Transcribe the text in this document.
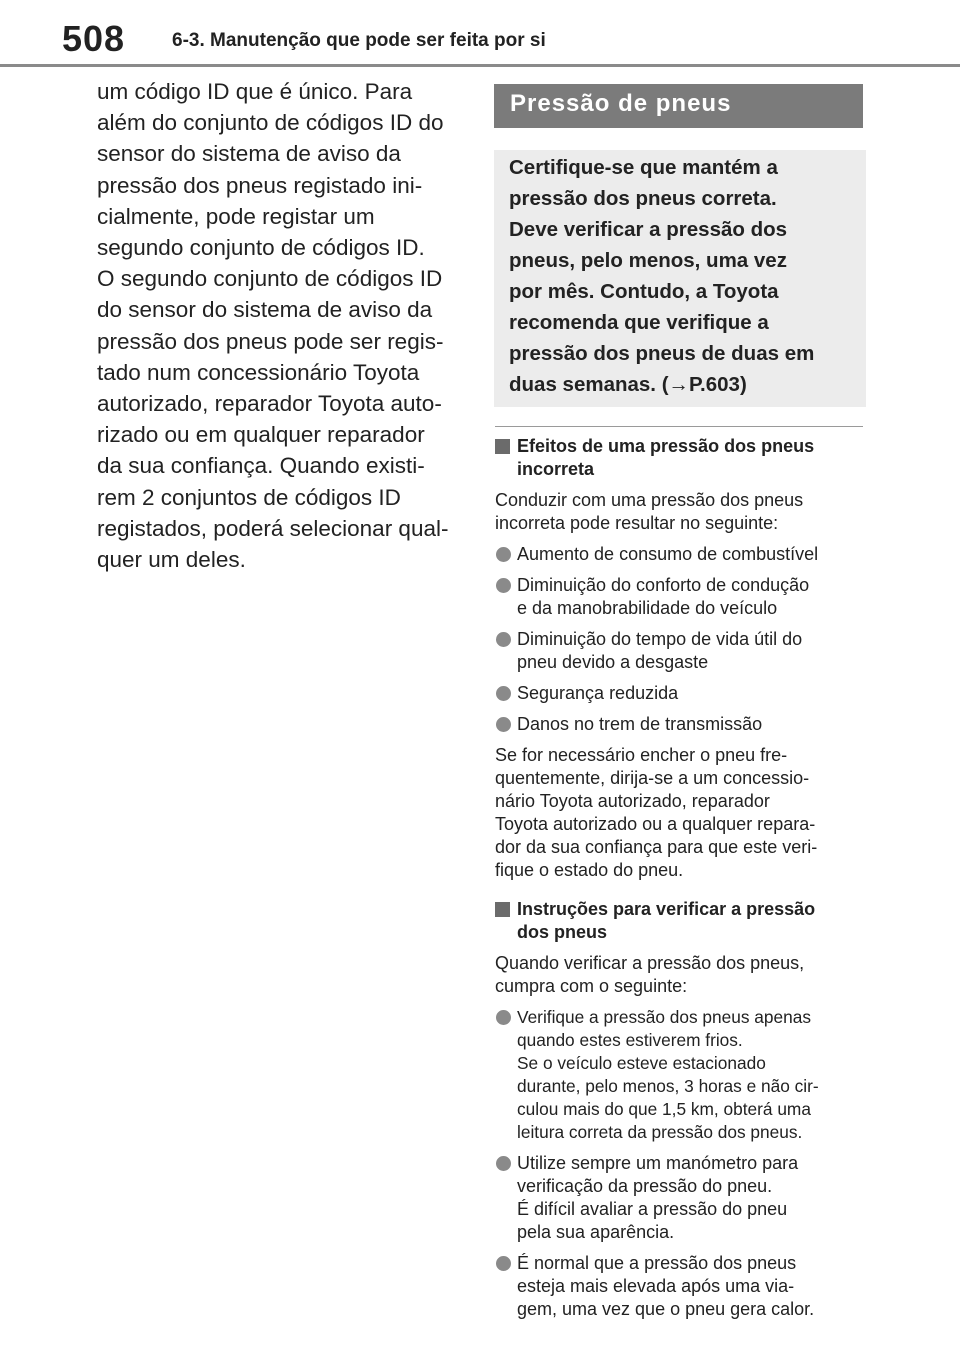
508 6-3. Manutenção que pode ser feita por si

um código ID que é único. Para
além do conjunto de códigos ID do
sensor do sistema de aviso da
pressão dos pneus registado ini-
cialmente, pode registar um
segundo conjunto de códigos ID.
O segundo conjunto de códigos ID
do sensor do sistema de aviso da
pressão dos pneus pode ser regis-
tado num concessionário Toyota
autorizado, reparador Toyota auto-
rizado ou em qualquer reparador
da sua confiança. Quando existi-
rem 2 conjuntos de códigos ID
registados, poderá selecionar qual-
quer um deles.

Pressão de pneus
Certifique-se que mantém a
pressão dos pneus correta.
Deve verificar a pressão dos
pneus, pelo menos, uma vez
por mês. Contudo, a Toyota
recomenda que verifique a
pressão dos pneus de duas em
duas semanas. (→P.603)
Efeitos de uma pressão dos pneus
incorreta
Conduzir com uma pressão dos pneus
incorreta pode resultar no seguinte:
Aumento de consumo de combustível
Diminuição do conforto de condução
e da manobrabilidade do veículo
Diminuição do tempo de vida útil do
pneu devido a desgaste
Segurança reduzida
Danos no trem de transmissão
Se for necessário encher o pneu fre-
quentemente, dirija-se a um concessio-
nário Toyota autorizado, reparador
Toyota autorizado ou a qualquer repara-
dor da sua confiança para que este veri-
fique o estado do pneu.
Instruções para verificar a pressão
dos pneus
Quando verificar a pressão dos pneus,
cumpra com o seguinte:
Verifique a pressão dos pneus apenas
quando estes estiverem frios.
Se o veículo esteve estacionado
durante, pelo menos, 3 horas e não cir-
culou mais do que 1,5 km, obterá uma
leitura correta da pressão dos pneus.
Utilize sempre um manómetro para
verificação da pressão do pneu.
É difícil avaliar a pressão do pneu
pela sua aparência.
É normal que a pressão dos pneus
esteja mais elevada após uma via-
gem, uma vez que o pneu gera calor.
